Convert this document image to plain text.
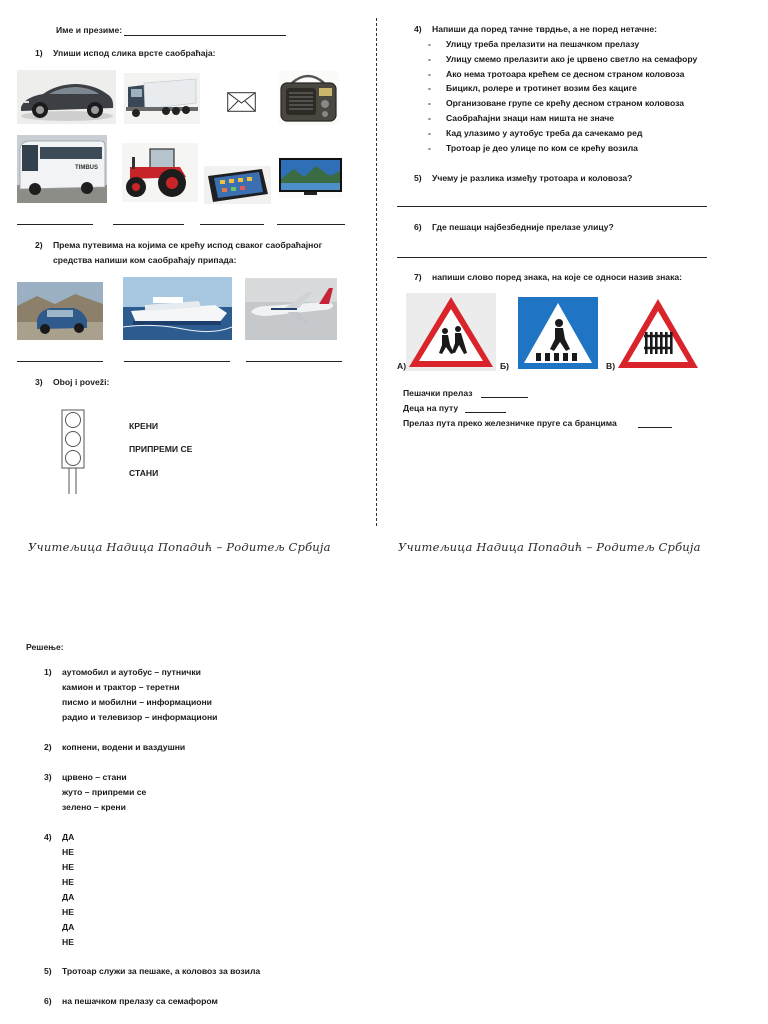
Име и презиме:
1) Упиши испод слика врсте саобраћаја:
TIMBUS
2) Према путевима на којима се крећу испод сваког саобраћајног
средства напиши ком саобраћају припада:
3) Oboj i poveži:
КРЕНИ
ПРИПРЕМИ СЕ
СТАНИ
Учитељица Надица Попадић – Родитељ Србија
4) Напиши да поред тачне тврдње, а не поред нетачне:
- Улицу треба прелазити на пешачком прелазу
- Улицу смемо прелазити ако је црвено светло на семафору
- Ако нема тротоара крећем се десном страном коловоза
- Бицикл, ролере и тротинет возим без кациге
- Организоване групе се крећу десном страном коловоза
- Саобраћајни знаци нам ништа не значе
- Кад улазимо у аутобус треба да сачекамо ред
- Тротоар је део улице по ком се крећу возила
5) Учему је разлика између тротоара и коловоза?
6) Где пешаци најбезбедније прелазе улицу?
7) напиши слово поред знака, на које се односи назив знака:
А)	Б)	В)
Пешачки прелаз
Деца на путу
Прелаз пута преко железничке пруге са бранцима
Учитељица Надица Попадић – Родитељ Србија
Решење:
1) аутомобил и аутобус – путнички
камион и трактор – теретни
писмо и мобилни – информациони
радио и телевизор – информациони
2) копнени, водени и ваздушни
3) црвено – стани
жуто – припреми се
зелено – крени
4) ДА
НЕ
НЕ
НЕ
ДА
НЕ
ДА
НЕ
5) Тротоар служи за пешаке, а коловоз за возила
6) на пешачком прелазу са семафором
